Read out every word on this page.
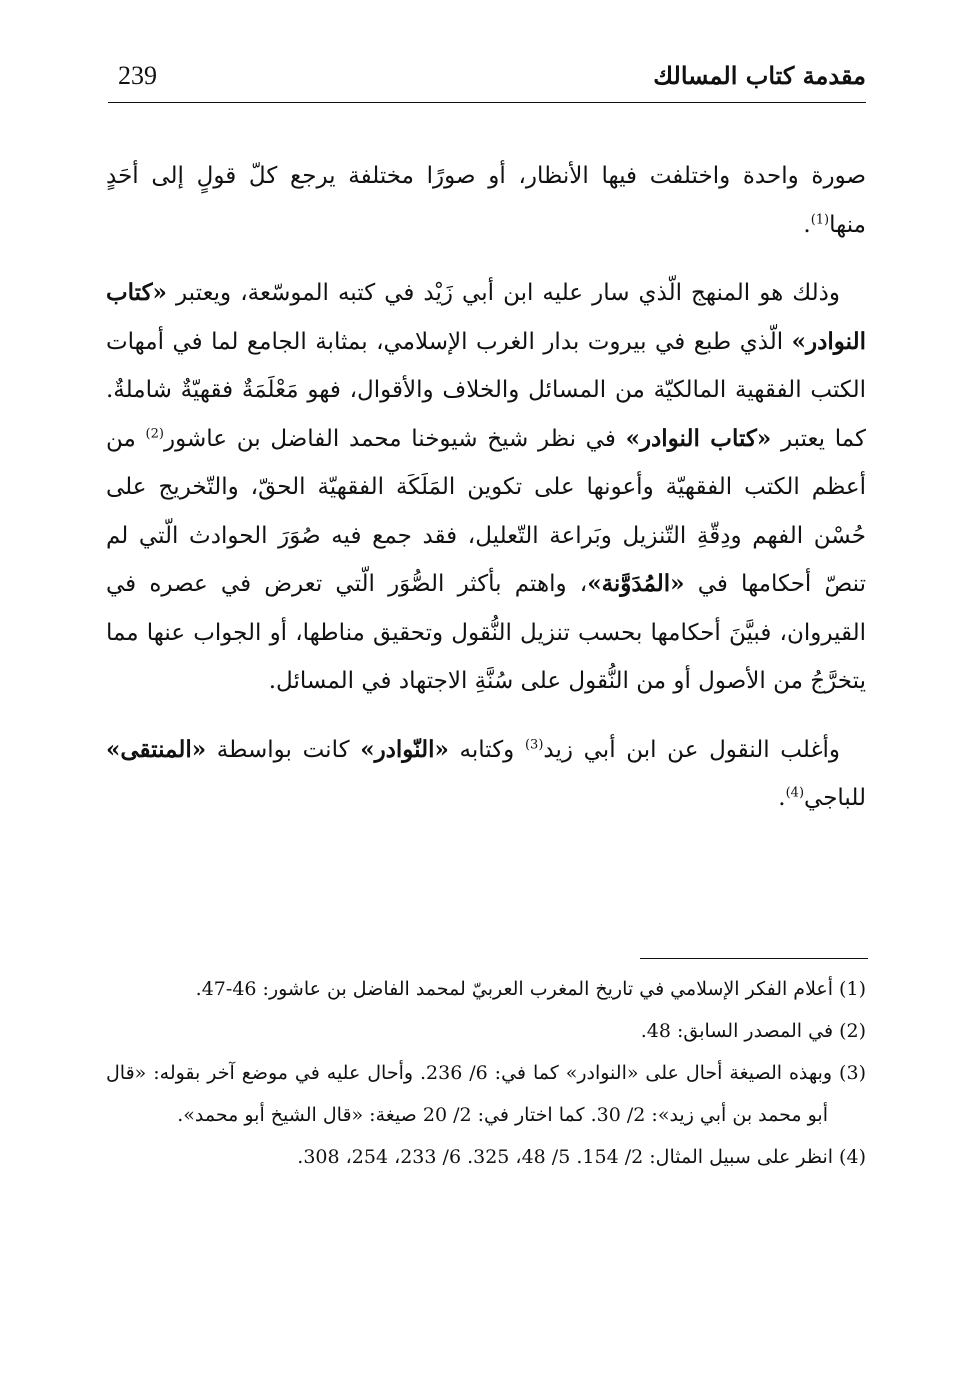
239	مقدمة كتاب المسالك

صورة واحدة واختلفت فيها الأنظار، أو صورًا مختلفة يرجع كلّ قولٍ إلى أحَدٍ منها$^{(1)}$.

وذلك هو المنهج الّذي سار عليه ابن أبي زَيْد في كتبه الموسّعة، ويعتبر «كتاب النوادر» الّذي طبع في بيروت بدار الغرب الإسلامي، بمثابة الجامع لما في أمهات الكتب الفقهية المالكيّة من المسائل والخلاف والأقوال، فهو مَعْلَمَةٌ فقهيّةٌ شاملةٌ. كما يعتبر «كتاب النوادر» في نظر شيخ شيوخنا محمد الفاضل بن عاشور$^{(2)}$ من أعظم الكتب الفقهيّة وأعونها على تكوين المَلَكَة الفقهيّة الحقّ، والتّخريج على حُسْن الفهم ودِقّةِ التّنزيل وبَراعة التّعليل، فقد جمع فيه صُوَرَ الحوادث الّتي لم تنصّ أحكامها في «المُدَوَّنة»، واهتم بأكثر الصُّوَر الّتي تعرض في عصره في القيروان، فبيَّنَ أحكامها بحسب تنزيل النُّقول وتحقيق مناطها، أو الجواب عنها مما يتخرَّجُ من الأصول أو من النُّقول على سُنَّةِ الاجتهاد في المسائل.

وأغلب النقول عن ابن أبي زيد$^{(3)}$ وكتابه «النّوادر» كانت بواسطة «المنتقى» للباجي$^{(4)}$.

(1) أعلام الفكر الإسلامي في تاريخ المغرب العربيّ لمحمد الفاضل بن عاشور: 46-47.

(2) في المصدر السابق: 48.

(3) وبهذه الصيغة أحال على «النوادر» كما في: 6/ 236. وأحال عليه في موضع آخر بقوله: «قال أبو محمد بن أبي زيد»: 2/ 30. كما اختار في: 2/ 20 صيغة: «قال الشيخ أبو محمد».

(4) انظر على سبيل المثال: 2/ 154. 5/ 48، 325. 6/ 233، 254، 308.
